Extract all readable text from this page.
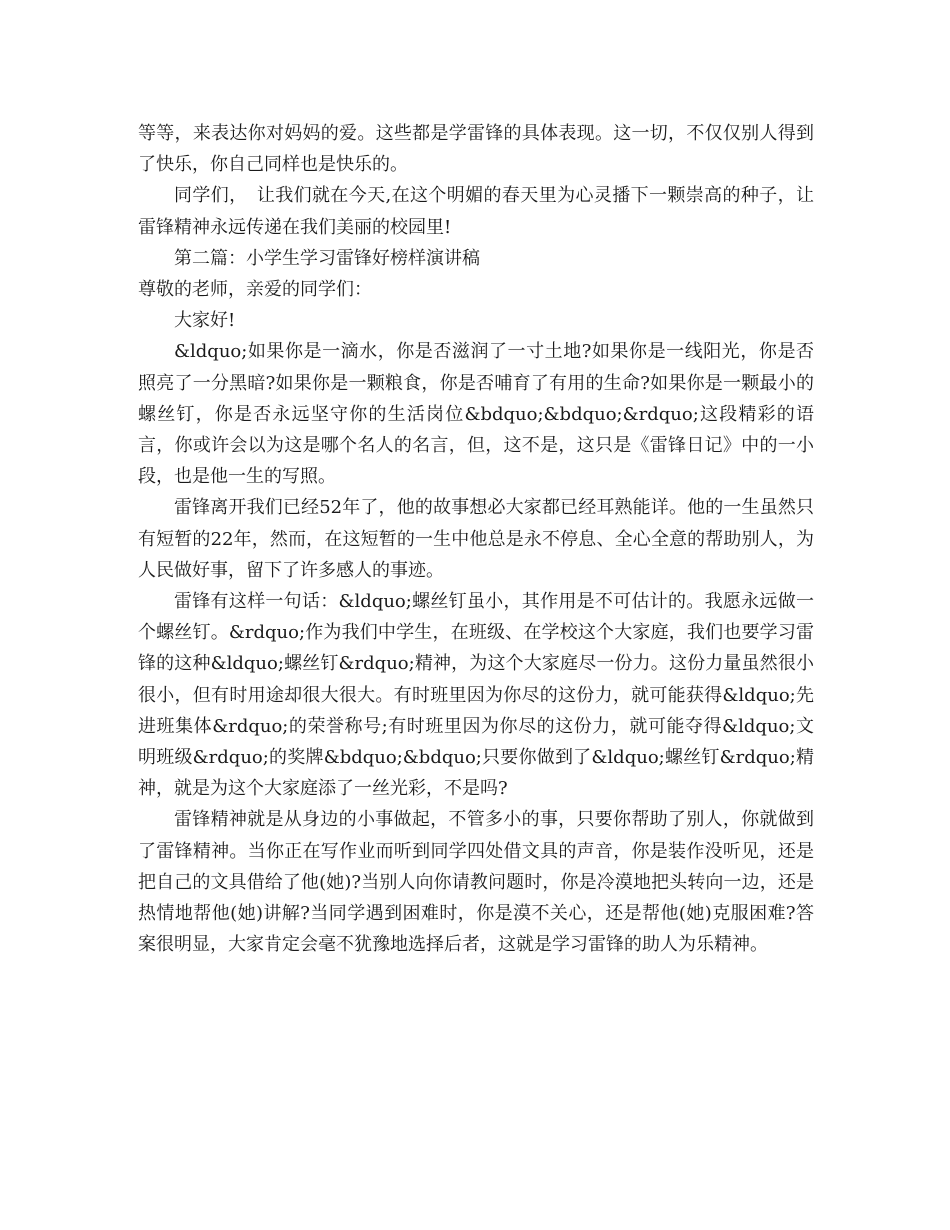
等等，来表达你对妈妈的爱。这些都是学雷锋的具体表现。这一切，不仅仅别人得到了快乐，你自己同样也是快乐的。

同学们，　让我们就在今天,在这个明媚的春天里为心灵播下一颗崇高的种子，让雷锋精神永远传递在我们美丽的校园里!

第二篇：小学生学习雷锋好榜样演讲稿

尊敬的老师，亲爱的同学们：

大家好!

&ldquo;如果你是一滴水，你是否滋润了一寸土地?如果你是一线阳光，你是否照亮了一分黑暗?如果你是一颗粮食，你是否哺育了有用的生命?如果你是一颗最小的螺丝钉，你是否永远坚守你的生活岗位&bdquo;&bdquo;&rdquo;这段精彩的语言，你或许会以为这是哪个名人的名言，但，这不是，这只是《雷锋日记》中的一小段，也是他一生的写照。

雷锋离开我们已经52年了，他的故事想必大家都已经耳熟能详。他的一生虽然只有短暂的22年，然而，在这短暂的一生中他总是永不停息、全心全意的帮助别人，为人民做好事，留下了许多感人的事迹。

雷锋有这样一句话：&ldquo;螺丝钉虽小，其作用是不可估计的。我愿永远做一个螺丝钉。&rdquo;作为我们中学生，在班级、在学校这个大家庭，我们也要学习雷锋的这种&ldquo;螺丝钉&rdquo;精神，为这个大家庭尽一份力。这份力量虽然很小很小，但有时用途却很大很大。有时班里因为你尽的这份力，就可能获得&ldquo;先进班集体&rdquo;的荣誉称号;有时班里因为你尽的这份力，就可能夺得&ldquo;文明班级&rdquo;的奖牌&bdquo;&bdquo;只要你做到了&ldquo;螺丝钉&rdquo;精神，就是为这个大家庭添了一丝光彩，不是吗?

雷锋精神就是从身边的小事做起，不管多小的事，只要你帮助了别人，你就做到了雷锋精神。当你正在写作业而听到同学四处借文具的声音，你是装作没听见，还是把自己的文具借给了他(她)?当别人向你请教问题时，你是冷漠地把头转向一边，还是热情地帮他(她)讲解?当同学遇到困难时，你是漠不关心，还是帮他(她)克服困难?答案很明显，大家肯定会毫不犹豫地选择后者，这就是学习雷锋的助人为乐精神。
